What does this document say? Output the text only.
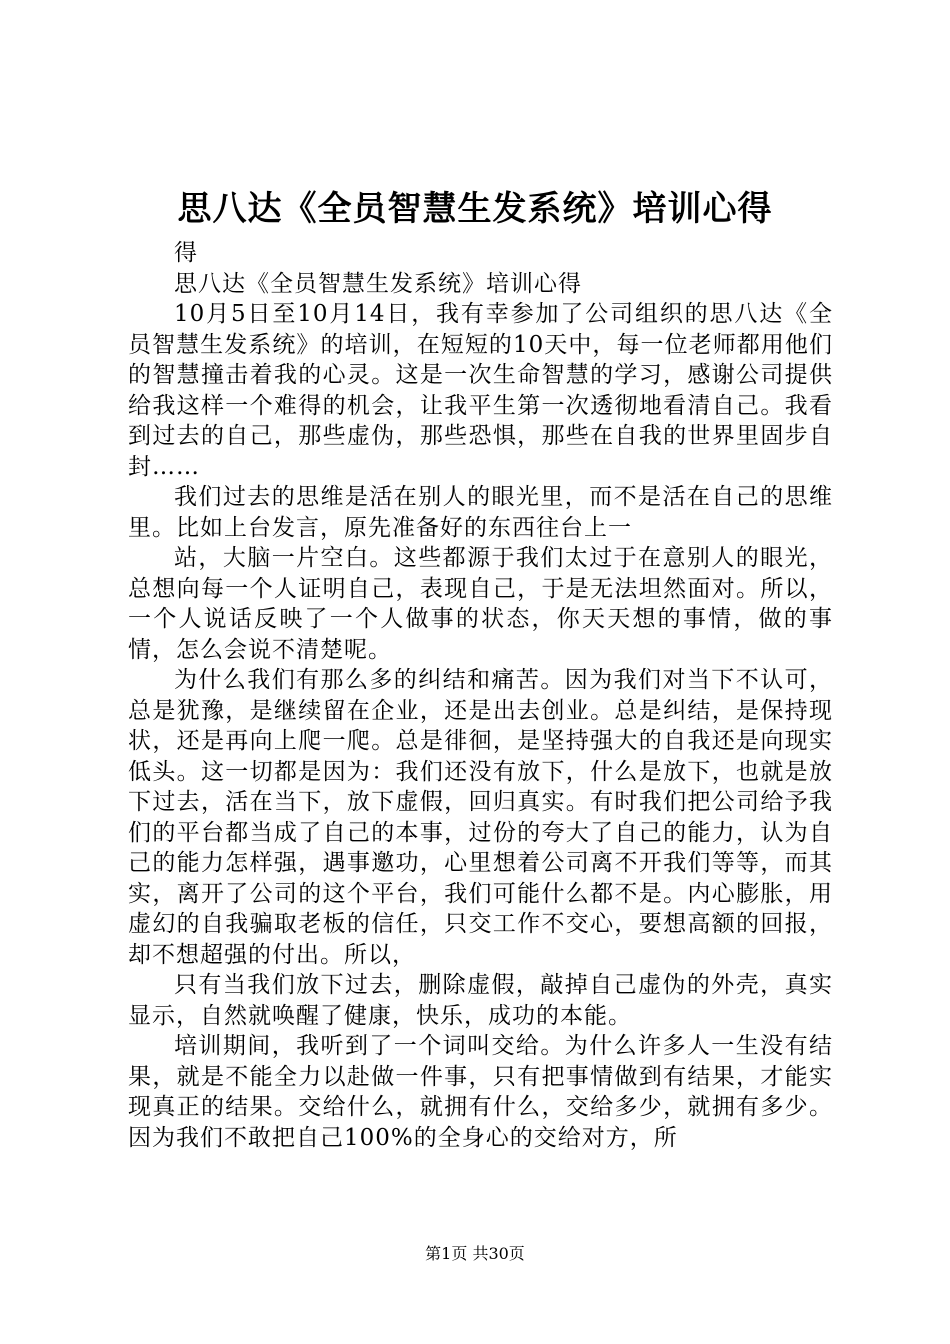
思八达《全员智慧生发系统》培训心得

得

思八达《全员智慧生发系统》培训心得

10月5日至10月14日，我有幸参加了公司组织的思八达《全员智慧生发系统》的培训，在短短的10天中，每一位老师都用他们的智慧撞击着我的心灵。这是一次生命智慧的学习，感谢公司提供给我这样一个难得的机会，让我平生第一次透彻地看清自己。我看到过去的自己，那些虚伪，那些恐惧，那些在自我的世界里固步自封……

我们过去的思维是活在别人的眼光里，而不是活在自己的思维里。比如上台发言，原先准备好的东西往台上一

站，大脑一片空白。这些都源于我们太过于在意别人的眼光，总想向每一个人证明自己，表现自己，于是无法坦然面对。所以，一个人说话反映了一个人做事的状态，你天天想的事情，做的事情，怎么会说不清楚呢。

为什么我们有那么多的纠结和痛苦。因为我们对当下不认可，总是犹豫，是继续留在企业，还是出去创业。总是纠结，是保持现状，还是再向上爬一爬。总是徘徊，是坚持强大的自我还是向现实低头。这一切都是因为：我们还没有放下，什么是放下，也就是放下过去，活在当下，放下虚假，回归真实。有时我们把公司给予我们的平台都当成了自己的本事，过份的夸大了自己的能力，认为自己的能力怎样强，遇事邀功，心里想着公司离不开我们等等，而其实，离开了公司的这个平台，我们可能什么都不是。内心膨胀，用虚幻的自我骗取老板的信任，只交工作不交心，要想高额的回报，却不想超强的付出。所以，

只有当我们放下过去，删除虚假，敲掉自己虚伪的外壳，真实显示，自然就唤醒了健康，快乐，成功的本能。

培训期间，我听到了一个词叫交给。为什么许多人一生没有结果，就是不能全力以赴做一件事，只有把事情做到有结果，才能实现真正的结果。交给什么，就拥有什么，交给多少，就拥有多少。因为我们不敢把自己100%的全身心的交给对方，所

第1页 共30页
